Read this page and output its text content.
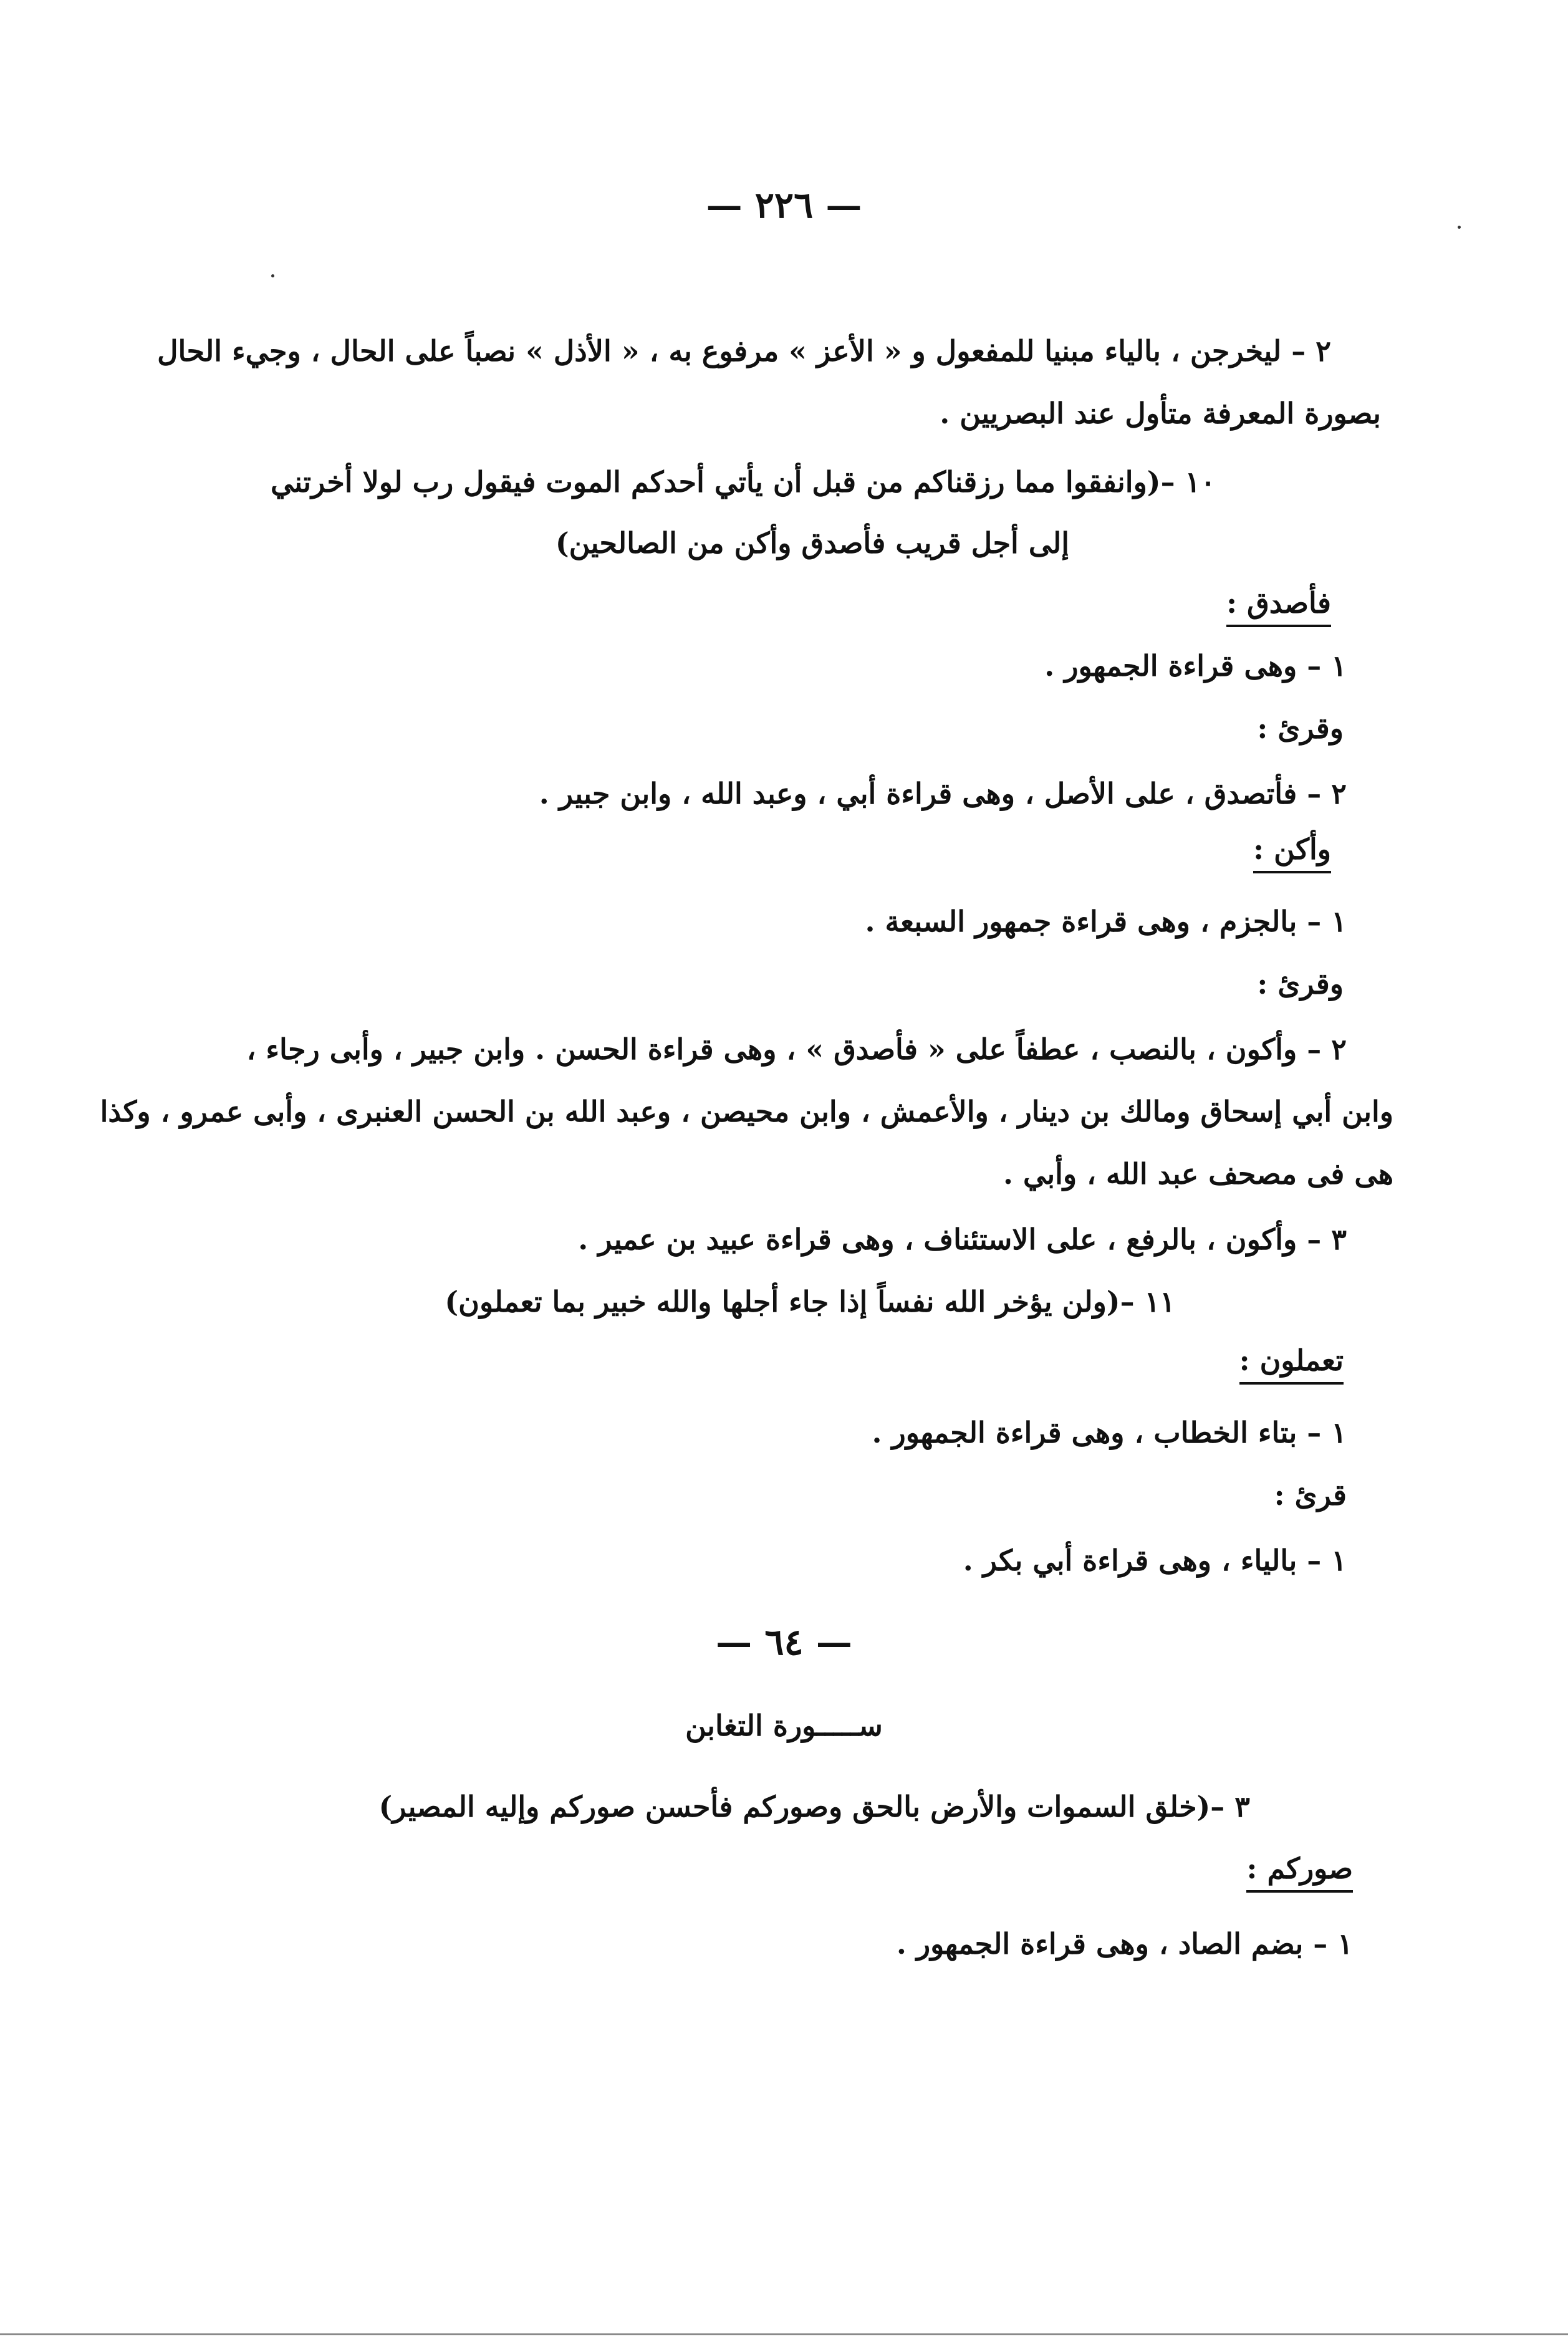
— ٢٢٦ —
٢ – ليخرجن ، بالياء مبنيا للمفعول و « الأعز » مرفوع به ، « الأذل » نصباً على الحال ، وجيء الحال
بصورة المعرفة متأول عند البصريين .
١٠ –(وانفقوا مما رزقناكم من قبل أن يأتي أحدكم الموت فيقول رب لولا أخرتني
إلى أجل قريب فأصدق وأكن من الصالحين)
فأصدق :
١ – وهى قراءة الجمهور .
وقرئ :
٢ – فأتصدق ، على الأصل ، وهى قراءة أبي ، وعبد الله ، وابن جبير .
وأكن :
١ – بالجزم ، وهى قراءة جمهور السبعة .
وقرئ :
٢ – وأكون ، بالنصب ، عطفاً على « فأصدق » ، وهى قراءة الحسن . وابن جبير ، وأبى رجاء ،
وابن أبي إسحاق ومالك بن دينار ، والأعمش ، وابن محيصن ، وعبد الله بن الحسن العنبرى ، وأبى عمرو ، وكذا
هى فى مصحف عبد الله ، وأبي .
٣ – وأكون ، بالرفع ، على الاستئناف ، وهى قراءة عبيد بن عمير .
١١ –(ولن يؤخر الله نفساً إذا جاء أجلها والله خبير بما تعملون)
تعملون :
١ – بتاء الخطاب ، وهى قراءة الجمهور .
قرئ :
١ – بالياء ، وهى قراءة أبي بكر .
— ٦٤ —
ســـــورة التغابن
٣ –(خلق السموات والأرض بالحق وصوركم فأحسن صوركم وإليه المصير)
صوركم :
١ – بضم الصاد ، وهى قراءة الجمهور .
